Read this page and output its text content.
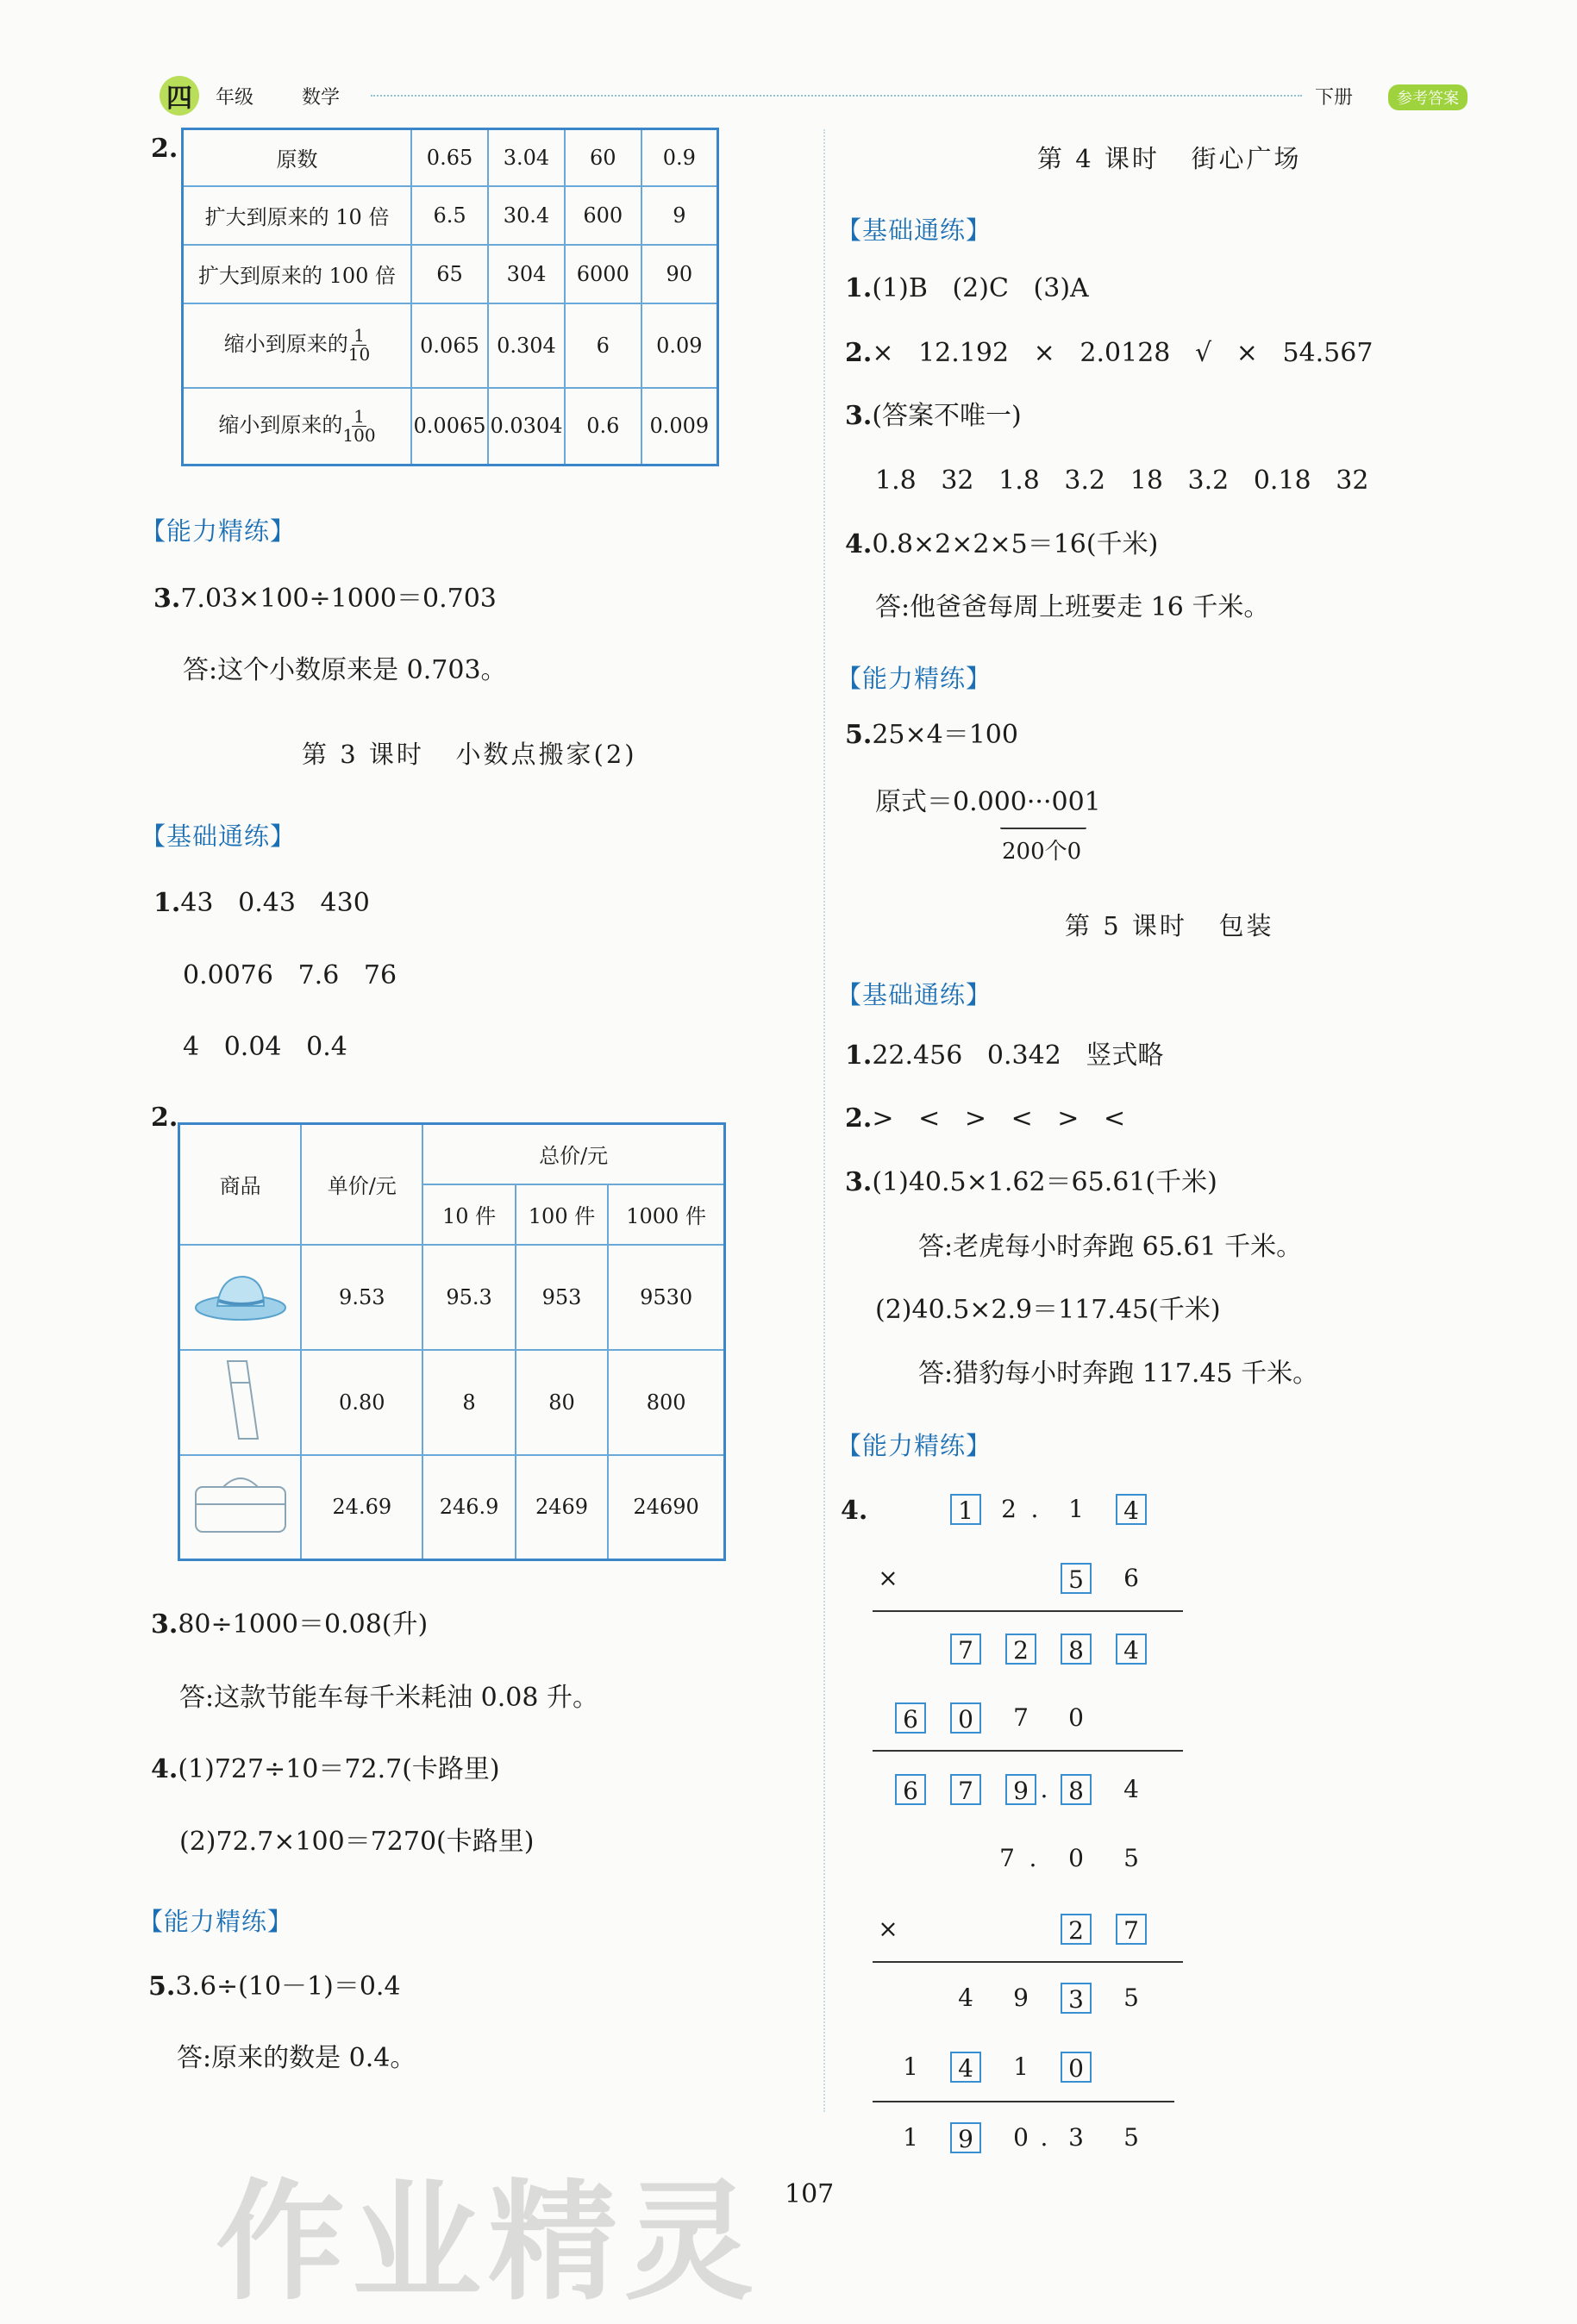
四	年级	数学	下册	参考答案
2.	原数	0.65	3.04	60	0.9
扩大到原来的 10 倍	6.5	30.4	600	9
扩大到原来的 100 倍	65	304	6000	90
缩小到原来的 $\frac{1}{10}$	0.065	0.304	6	0.09
缩小到原来的 $\frac{1}{100}$	0.0065	0.0304	0.6	0.009
【能力精练】
3.7.03×100÷1000＝0.703
答:这个小数原来是 0.703。
第 3 课时   小数点搬家(2)
【基础通练】
1.43   0.43   430
0.0076   7.6   76
4   0.04   0.4
2.
商品	单价/元	总价/元		
		10 件	100 件	1000 件
	9.53	95.3	953	9530
	0.80	8	80	800
	24.69	246.9	2469	24690
3.80÷1000＝0.08(升)
答:这款节能车每千米耗油 0.08 升。
4.(1)727÷10＝72.7(卡路里)
(2)72.7×100＝7270(卡路里)
【能力精练】
5.3.6÷(10－1)＝0.4
答:原来的数是 0.4。
第 4 课时   街心广场
【基础通练】
1.(1)B   (2)C   (3)A
2.×   12.192   ×   2.0128   √   ×   54.567
3.(答案不唯一)
1.8   32   1.8   3.2   18   3.2   0.18   32
4.0.8×2×2×5＝16(千米)
答:他爸爸每周上班要走 16 千米。
【能力精练】
5.25×4＝100
原式＝0.000···001
200个0
第 5 课时   包装
【基础通练】
1.22.456   0.342   竖式略
2.>   <   >   <   >   <
3.(1)40.5×1.62＝65.61(千米)
答:老虎每小时奔跑 65.61 千米。
(2)40.5×2.9＝117.45(千米)
答:猎豹每小时奔跑 117.45 千米。
【能力精练】
4.	1	2 .	1	4
×	5	6
7	2	8	4
6	0	7	0
6	7	9 . 8	4
7 .	0	5
×	2	7
4	9	3	5
1	4	1	0
1	9	0 . 3	5
107
作业精灵
